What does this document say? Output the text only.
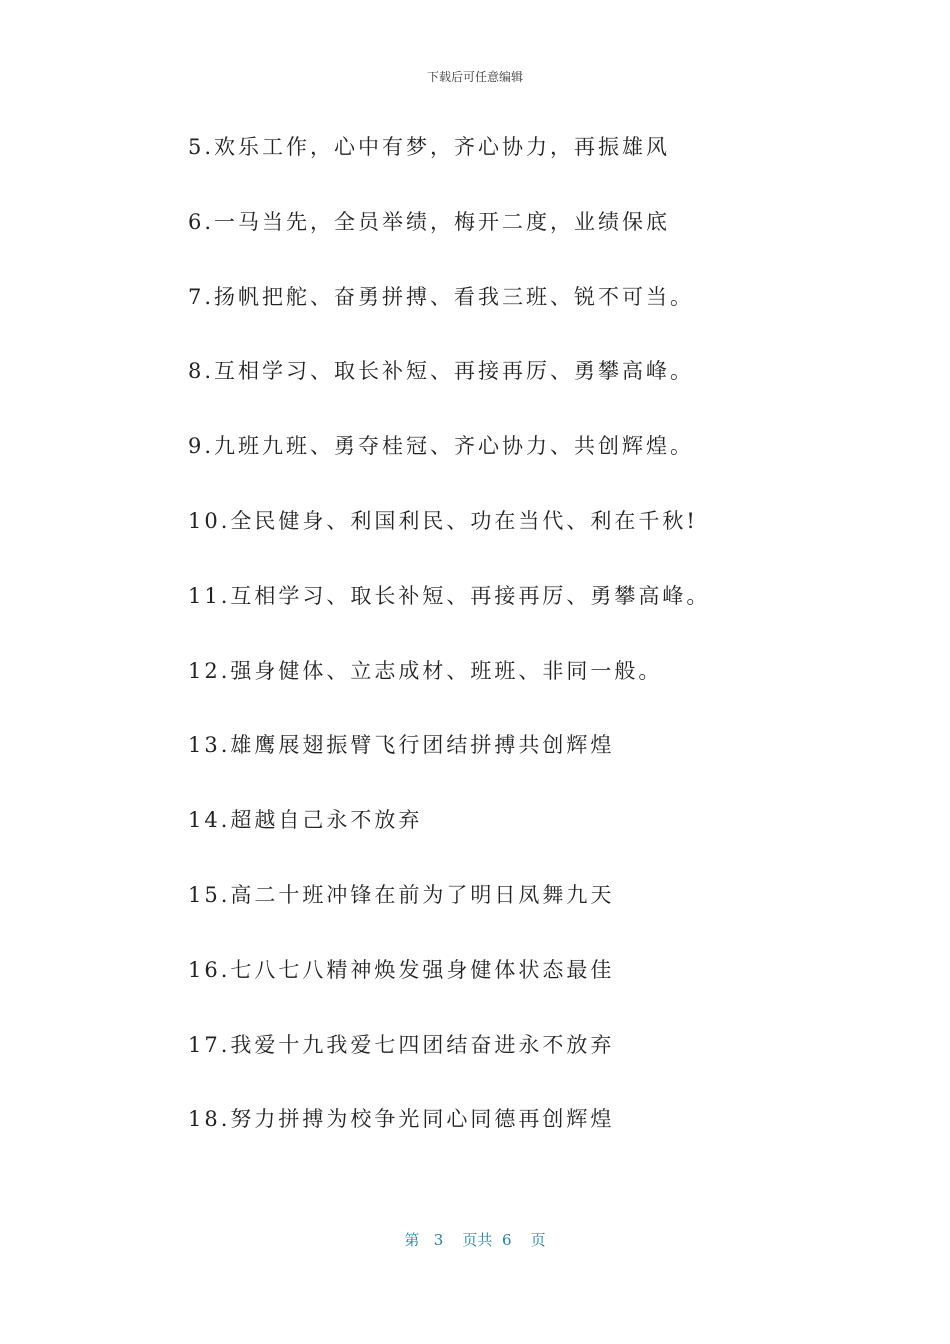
下载后可任意编辑
5.欢乐工作，心中有梦，齐心协力，再振雄风
6.一马当先，全员举绩，梅开二度，业绩保底
7.扬帆把舵、奋勇拼搏、看我三班、锐不可当。
8.互相学习、取长补短、再接再厉、勇攀高峰。
9.九班九班、勇夺桂冠、齐心协力、共创辉煌。
10.全民健身、利国利民、功在当代、利在千秋!
11.互相学习、取长补短、再接再厉、勇攀高峰。
12.强身健体、立志成材、班班、非同一般。
13.雄鹰展翅振臂飞行团结拼搏共创辉煌
14.超越自己永不放弃
15.高二十班冲锋在前为了明日凤舞九天
16.七八七八精神焕发强身健体状态最佳
17.我爱十九我爱七四团结奋进永不放弃
18.努力拼搏为校争光同心同德再创辉煌
第 3 页共 6 页
